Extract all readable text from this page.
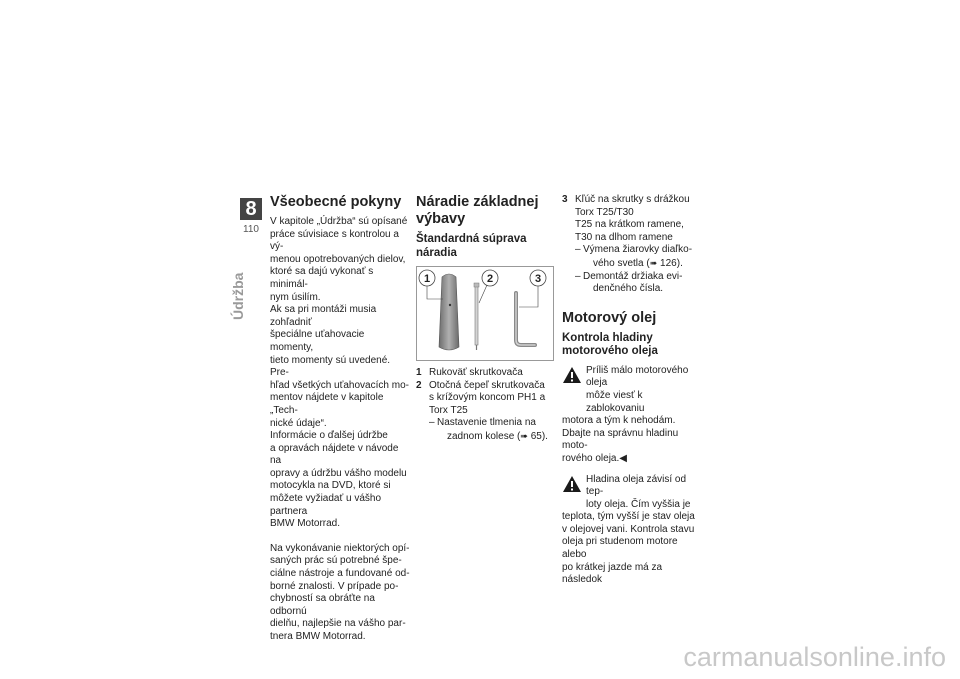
8
110
Údržba
Všeobecné pokyny

V kapitole „Údržba“ sú opísané

práce súvisiace s kontrolou a vý-

menou opotrebovaných dielov,

ktoré sa dajú vykonať s minimál-

nym úsilím.

Ak sa pri montáži musia zohľadniť

špeciálne uťahovacie momenty,

tieto momenty sú uvedené. Pre-

hľad všetkých uťahovacích mo-

mentov nájdete v kapitole „Tech-

nické údaje“.

Informácie o ďalšej údržbe

a opravách nájdete v návode na

opravy a údržbu vášho modelu

motocykla na DVD, ktoré si

môžete vyžiadať u vášho partnera

BMW Motorrad.

Na vykonávanie niektorých opí-

saných prác sú potrebné špe-

ciálne nástroje a fundované od-

borné znalosti. V prípade po-

chybností sa obráťte na odbornú

dielňu, najlepšie na vášho par-

tnera BMW Motorrad.

Náradie základnej
výbavy
Štandardná súprava
náradia
1	2	3
1 Rukoväť skrutkovača
2 Otočná čepeľ skrutkovača
s krížovým koncom PH1 a
Torx T25
– Nastavenie tlmenia na
zadnom kolese (➠ 65).
3 Kľúč na skrutky s drážkou
Torx T25/T30
T25 na krátkom ramene,
T30 na dlhom ramene
– Výmena žiarovky diaľko-
vého svetla (➠ 126).
– Demontáž držiaka evi-
denčného čísla.
Motorový olej
Kontrola hladiny
motorového oleja
Príliš málo motorového oleja
môže viesť k zablokovaniu

motora a tým k nehodám.

Dbajte na správnu hladinu moto-

rového oleja.◀

Hladina oleja závisí od tep-
loty oleja. Čím vyššia je

teplota, tým vyšší je stav oleja

v olejovej vani. Kontrola stavu

oleja pri studenom motore alebo

po krátkej jazde má za následok

carmanualsonline.info
